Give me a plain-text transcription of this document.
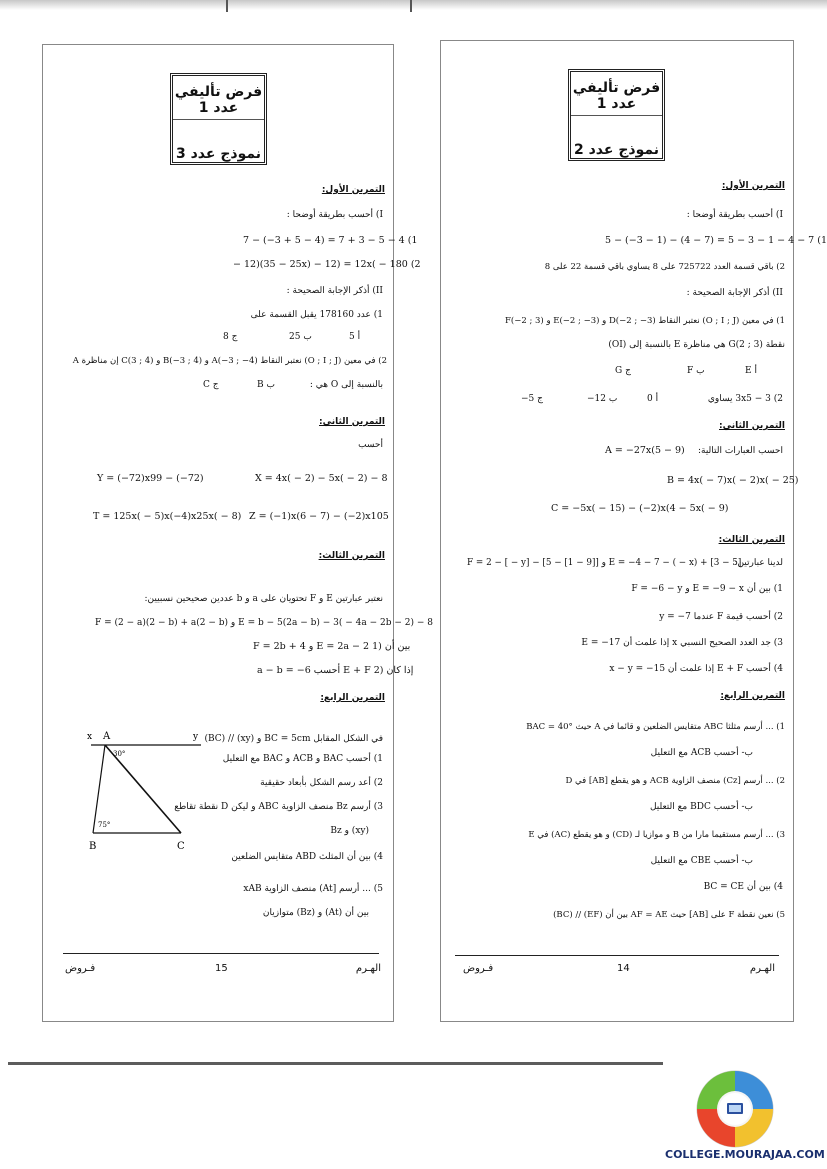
فرض تأليفي عدد 1
نموذج عدد 3
التمرين الأول:
I) أحسب بطريقة أوضحا :
7 − (−3 + 5 − 4) = 7 + 3 − 5 − 4 (1
− 12)(35 − 25x) − 12) = 12x( − 180 (2
II) أذكر الإجابة الصحيحة :
1) عدد 178160 يقبل القسمة على
8 ج	25 ب	5 أ
2) في معين (O ; I ; J) نعتبر النقاط A(−3 ; −4) و B(−3 ; 4) و C(3 ; 4) إن مناظرة A
بالنسبة إلى O هي :
C ج	B ب
التمرين الثاني:
أحسب
Y = (−72)x99 − (−72)	X = 4x( − 2) − 5x( − 2) − 8
T = 125x( − 5)x(−4)x25x( − 8) Z = (−1)x(6 − 7) − (−2)x105
التمرين الثالث:
نعتبر عبارتين E و F تحتويان على a و b عددين صحيحين نسبيين:
F = (2 − a)(2 − b) + a(2 − b) و E = b − 5(2a − b) − 3( − 4a − 2b − 2) − 8
F = 2b + 4 و E = 2a − 2 بين أن (1
a − b = −6 أحسب E + F إذا كان (2
التمرين الرابع:
في الشكل المقابل BC = 5cm و (xy) // (BC)
1) أحسب BAC و ACB و BAC مع التعليل
2) أعد رسم الشكل بأبعاد حقيقية
3) أرسم Bz منصف الزاوية ABC و ليكن D نقطة تقاطع
(xy) و Bz
4) بين أن المثلث ABD متقايس الضلعين
5) ... أرسم [At) منصف الزاوية xAB
بين أن (At) و (Bz) متوازيان
x A	y
B	C
30°
75°
فـروض	15	الهـرم
فرض تأليفي عدد 1
نموذج عدد 2
التمرين الأول:
I) أحسب بطريقة أوضحا :
5 − (−3 − 1) − (4 − 7) = 5 − 3 − 1 − 4 − 7 (1
2) باقي قسمة العدد 725722 على 8 يساوي باقي قسمة 22 على 8
II) أذكر الإجابة الصحيحة :
1) في معين (O ; I ; J) نعتبر النقاط D(−2 ; −3) و E(−2 ; −3) و F(−2 ; 3)
نقطة G(2 ; 3) هي مناظرة E بالنسبة إلى (OI)
G ج	F ب	E أ
2) 3 − 3x5 يساوي
−5 ج	−12 ب	0 أ
التمرين الثاني:
احسب العبارات التالية:
A = −27x(5 − 9)
B = 4x( − 7)x( − 2)x( − 25)
C = −5x( − 15) − (−2)x(4 − 5x( − 9)
التمرين الثالث:
لدينا عبارتين:
F = 2 − [ − y] − [5 − [1 − 9]] و E = −4 − 7 − ( − x) + [3 − 5]
1) بين أن E = −9 − x و F = −6 − y
2) أحسب قيمة F عندما y = −7
3) جد العدد الصحيح النسبي x إذا علمت أن E = −17
4) أحسب E + F إذا علمت أن x − y = −15
التمرين الرابع:
1) ... أرسم مثلثا ABC متقايس الضلعين و قائما في A حيث BAC = 40°
ب- أحسب ACB مع التعليل
2) ... أرسم [Cz) منصف الزاوية ACB و هو يقطع [AB] في D
ب- أحسب BDC مع التعليل
3) ... أرسم مستقيما مارا من B و موازيا لـ (CD) و هو يقطع (AC) في E
ب- أحسب CBE مع التعليل
4) بين أن BC = CE
5) نعين نقطة F على [AB] حيث AF = AE بين أن (EF) // (BC)
فـروض	14	الهـرم
COLLEGE.MOURAJAA.COM
